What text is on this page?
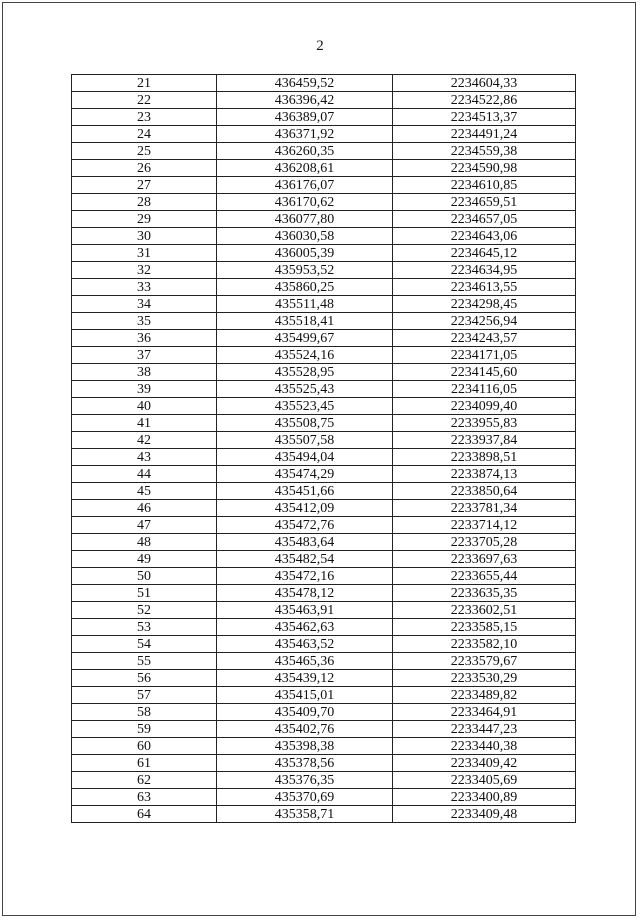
2
21	436459,52	2234604,33
22	436396,42	2234522,86
23	436389,07	2234513,37
24	436371,92	2234491,24
25	436260,35	2234559,38
26	436208,61	2234590,98
27	436176,07	2234610,85
28	436170,62	2234659,51
29	436077,80	2234657,05
30	436030,58	2234643,06
31	436005,39	2234645,12
32	435953,52	2234634,95
33	435860,25	2234613,55
34	435511,48	2234298,45
35	435518,41	2234256,94
36	435499,67	2234243,57
37	435524,16	2234171,05
38	435528,95	2234145,60
39	435525,43	2234116,05
40	435523,45	2234099,40
41	435508,75	2233955,83
42	435507,58	2233937,84
43	435494,04	2233898,51
44	435474,29	2233874,13
45	435451,66	2233850,64
46	435412,09	2233781,34
47	435472,76	2233714,12
48	435483,64	2233705,28
49	435482,54	2233697,63
50	435472,16	2233655,44
51	435478,12	2233635,35
52	435463,91	2233602,51
53	435462,63	2233585,15
54	435463,52	2233582,10
55	435465,36	2233579,67
56	435439,12	2233530,29
57	435415,01	2233489,82
58	435409,70	2233464,91
59	435402,76	2233447,23
60	435398,38	2233440,38
61	435378,56	2233409,42
62	435376,35	2233405,69
63	435370,69	2233400,89
64	435358,71	2233409,48
